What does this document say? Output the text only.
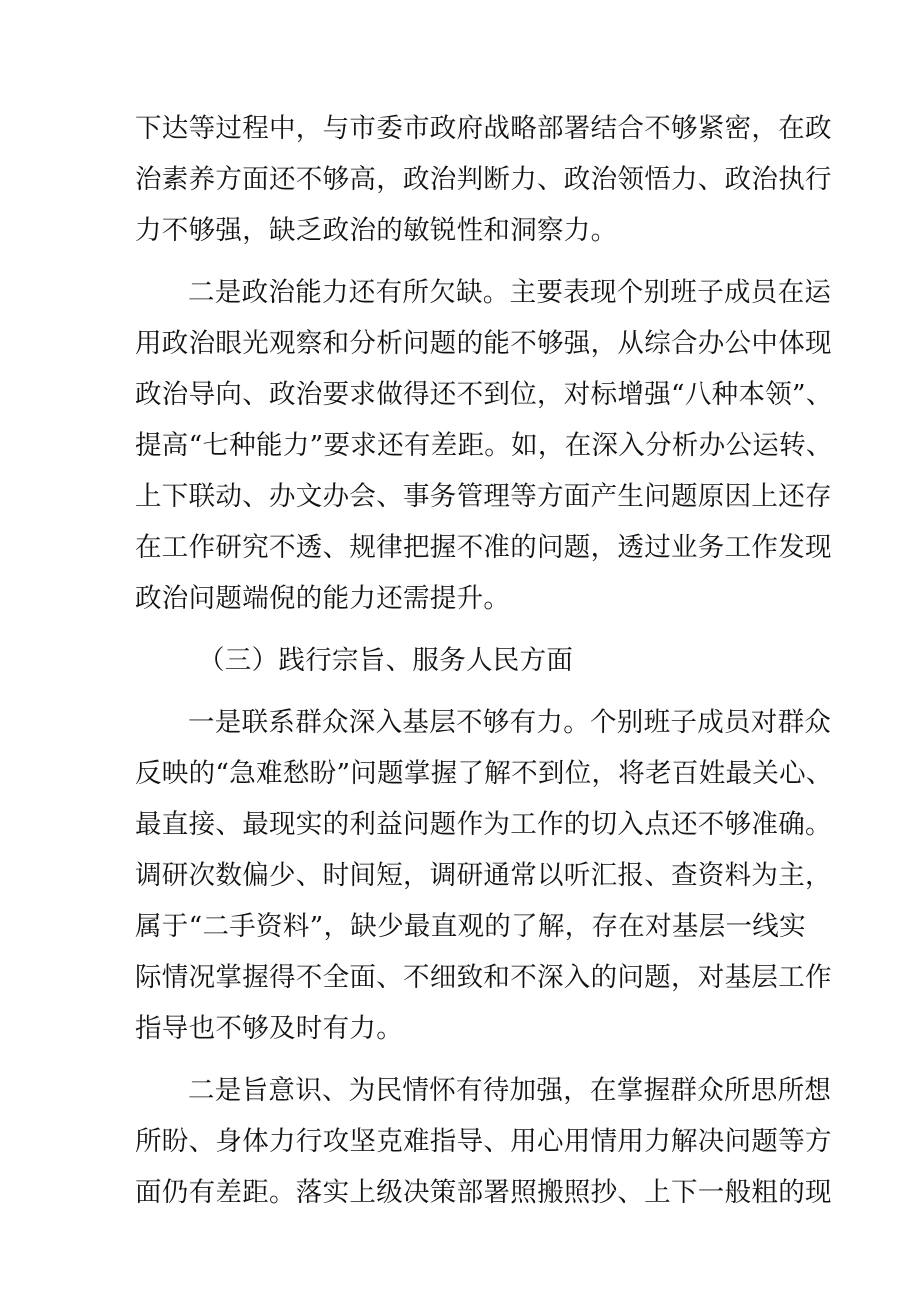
下达等过程中，与市委市政府战略部署结合不够紧密，在政
治素养方面还不够高，政治判断力、政治领悟力、政治执行
力不够强，缺乏政治的敏锐性和洞察力。
二是政治能力还有所欠缺。主要表现个别班子成员在运
用政治眼光观察和分析问题的能不够强，从综合办公中体现
政治导向、政治要求做得还不到位，对标增强“八种本领”、
提高“七种能力”要求还有差距。如，在深入分析办公运转、
上下联动、办文办会、事务管理等方面产生问题原因上还存
在工作研究不透、规律把握不准的问题，透过业务工作发现
政治问题端倪的能力还需提升。
（三）践行宗旨、服务人民方面
一是联系群众深入基层不够有力。个别班子成员对群众
反映的“急难愁盼”问题掌握了解不到位，将老百姓最关心、
最直接、最现实的利益问题作为工作的切入点还不够准确。
调研次数偏少、时间短，调研通常以听汇报、查资料为主，
属于“二手资料”，缺少最直观的了解，存在对基层一线实
际情况掌握得不全面、不细致和不深入的问题，对基层工作
指导也不够及时有力。
二是旨意识、为民情怀有待加强，在掌握群众所思所想
所盼、身体力行攻坚克难指导、用心用情用力解决问题等方
面仍有差距。落实上级决策部署照搬照抄、上下一般粗的现
